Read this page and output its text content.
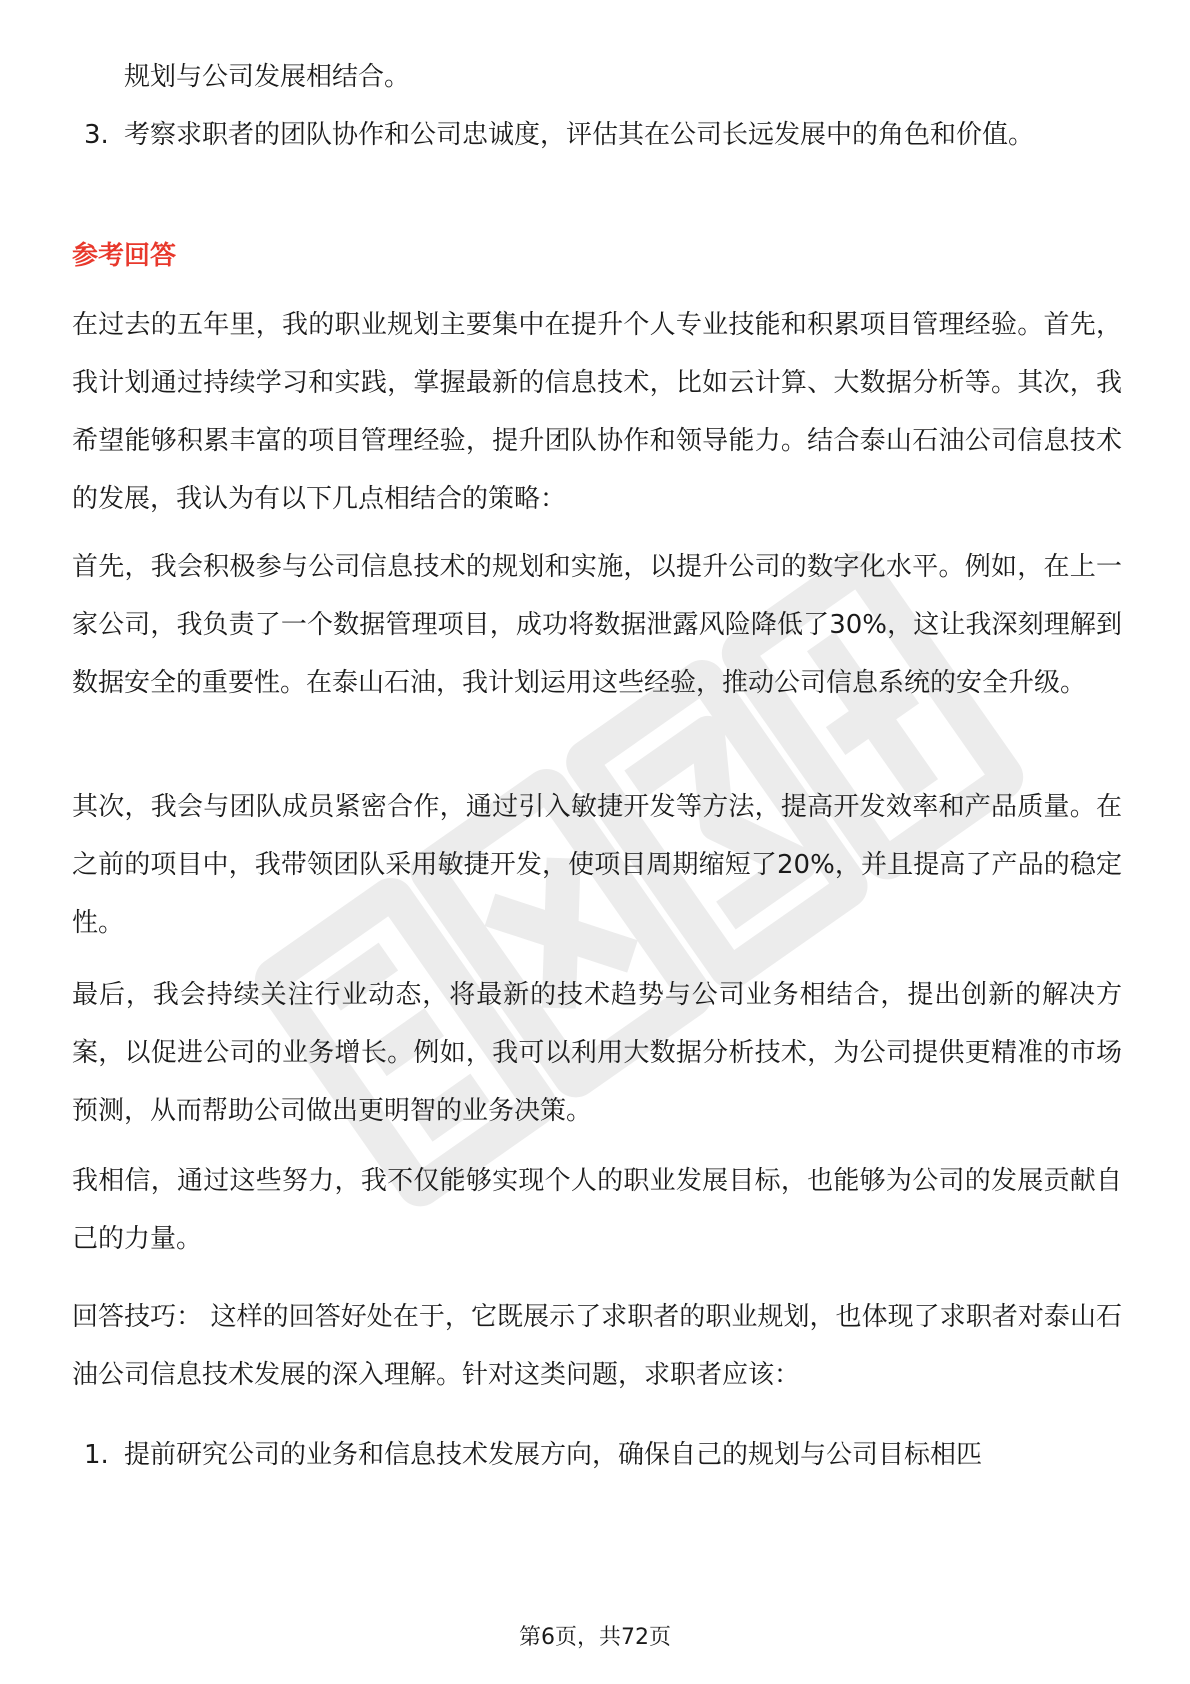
规划与公司发展相结合。

3. 考察求职者的团队协作和公司忠诚度，评估其在公司长远发展中的角色和价值。

参考回答

在过去的五年里，我的职业规划主要集中在提升个人专业技能和积累项目管理经验。首先，我计划通过持续学习和实践，掌握最新的信息技术，比如云计算、大数据分析等。其次，我希望能够积累丰富的项目管理经验，提升团队协作和领导能力。结合泰山石油公司信息技术的发展，我认为有以下几点相结合的策略：

首先，我会积极参与公司信息技术的规划和实施，以提升公司的数字化水平。例如，在上一家公司，我负责了一个数据管理项目，成功将数据泄露风险降低了30%，这让我深刻理解到数据安全的重要性。在泰山石油，我计划运用这些经验，推动公司信息系统的安全升级。

其次，我会与团队成员紧密合作，通过引入敏捷开发等方法，提高开发效率和产品质量。在之前的项目中，我带领团队采用敏捷开发，使项目周期缩短了20%，并且提高了产品的稳定性。

最后，我会持续关注行业动态，将最新的技术趋势与公司业务相结合，提出创新的解决方案，以促进公司的业务增长。例如，我可以利用大数据分析技术，为公司提供更精准的市场预测，从而帮助公司做出更明智的业务决策。

我相信，通过这些努力，我不仅能够实现个人的职业发展目标，也能够为公司的发展贡献自己的力量。

回答技巧： 这样的回答好处在于，它既展示了求职者的职业规划，也体现了求职者对泰山石油公司信息技术发展的深入理解。针对这类问题，求职者应该：

1. 提前研究公司的业务和信息技术发展方向，确保自己的规划与公司目标相匹
第6页，共72页
